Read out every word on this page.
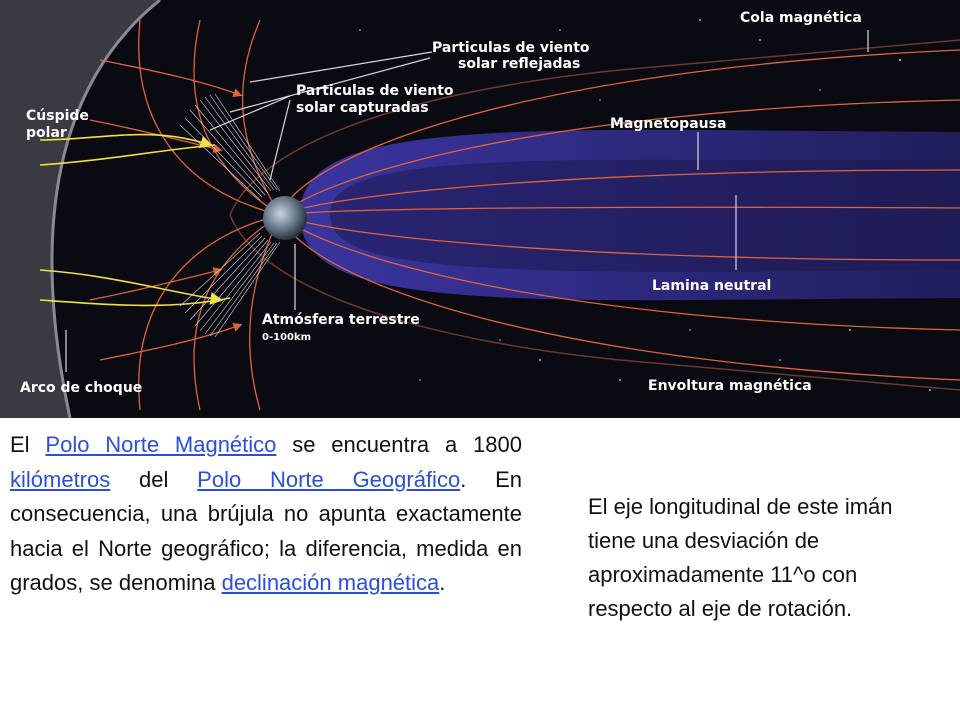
Cola magnética
Particulas de viento
solar reflejadas
Particulas de viento
solar capturadas
Cúspide
polar
Magnetopausa
Lamina neutral
Atmósfera terrestre
0-100km
Arco de choque	Envoltura magnética

El Polo Norte Magnético se encuentra a 1800 kilómetros del Polo Norte Geográfico. En consecuencia, una brújula no apunta exactamente hacia el Norte geográfico; la diferencia, medida en grados, se denomina declinación magnética.

El eje longitudinal de este imán tiene una desviación de aproximadamente 11^o con respecto al eje de rotación.
